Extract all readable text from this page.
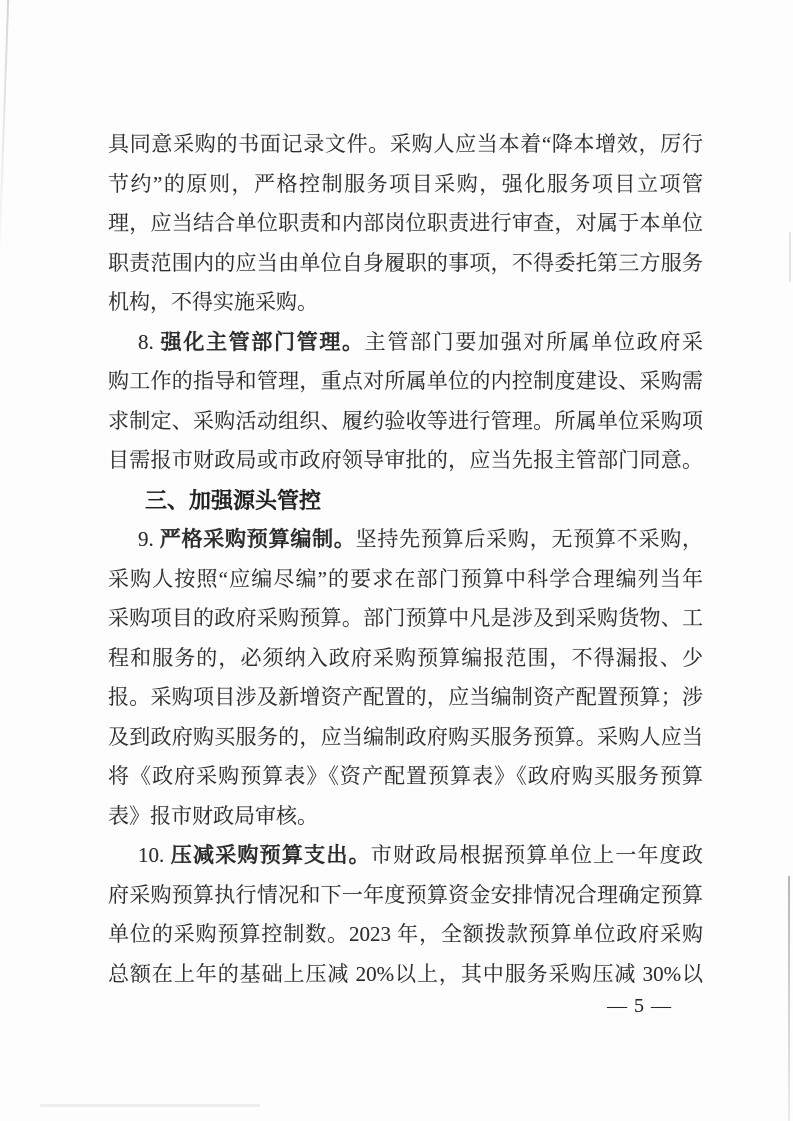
具同意采购的书面记录文件。采购人应当本着“降本增效，厉行
节约”的原则，严格控制服务项目采购，强化服务项目立项管
理，应当结合单位职责和内部岗位职责进行审查，对属于本单位
职责范围内的应当由单位自身履职的事项，不得委托第三方服务
机构，不得实施采购。
8. 强化主管部门管理。主管部门要加强对所属单位政府采
购工作的指导和管理，重点对所属单位的内控制度建设、采购需
求制定、采购活动组织、履约验收等进行管理。所属单位采购项
目需报市财政局或市政府领导审批的，应当先报主管部门同意。
三、加强源头管控
9. 严格采购预算编制。坚持先预算后采购，无预算不采购，
采购人按照“应编尽编”的要求在部门预算中科学合理编列当年
采购项目的政府采购预算。部门预算中凡是涉及到采购货物、工
程和服务的，必须纳入政府采购预算编报范围，不得漏报、少
报。采购项目涉及新增资产配置的，应当编制资产配置预算；涉
及到政府购买服务的，应当编制政府购买服务预算。采购人应当
将《政府采购预算表》《资产配置预算表》《政府购买服务预算
表》报市财政局审核。
10. 压减采购预算支出。市财政局根据预算单位上一年度政
府采购预算执行情况和下一年度预算资金安排情况合理确定预算
单位的采购预算控制数。2023 年，全额拨款预算单位政府采购
总额在上年的基础上压减 20%以上，其中服务采购压减 30%以
— 5 —
